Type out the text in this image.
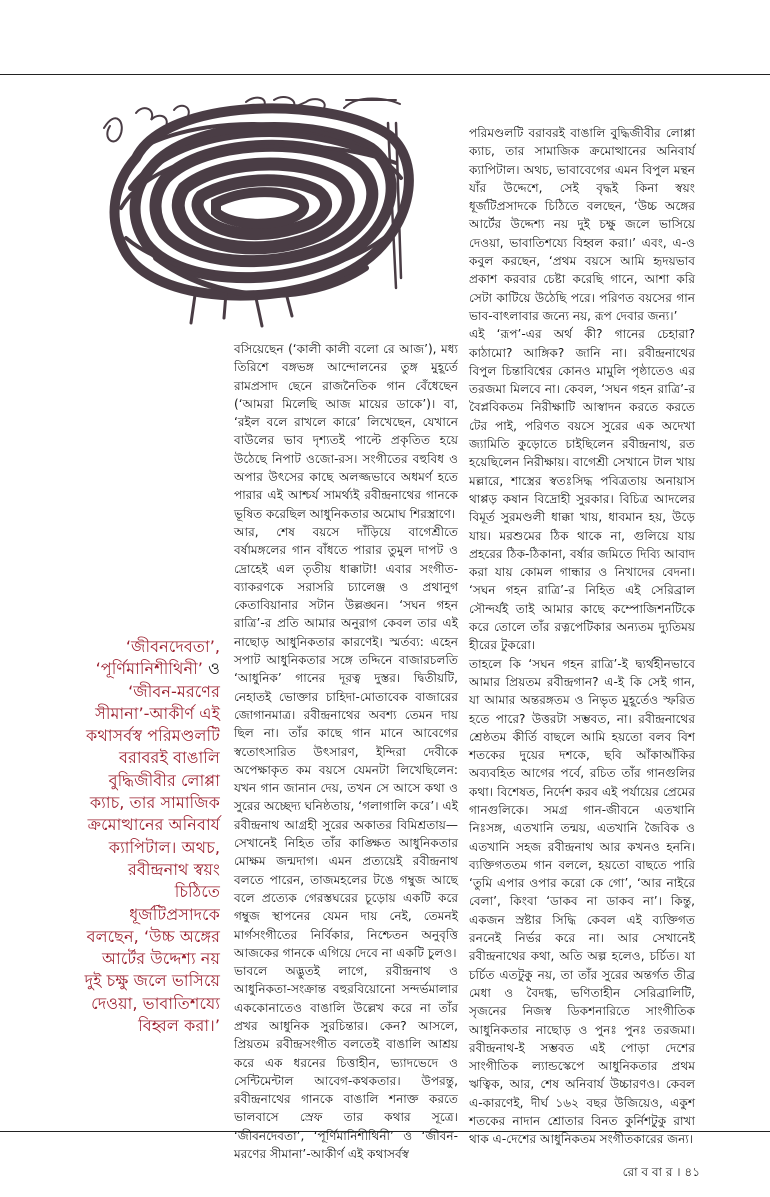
বসিয়েছেন (‘কালী কালী বলো রে আজ’), মধ্য তিরিশে বঙ্গভঙ্গ আন্দোলনের তুঙ্গ মুহূর্তে রামপ্রসাদ ছেনে রাজনৈতিক গান বেঁধেছেন (‘আমরা মিলেছি আজ মায়ের ডাকে’)। বা, ‘রইল বলে রাখলে কারে’ লিখেছেন, যেখানে বাউলের ভাব দৃশ্যতই পাল্টে প্রকৃতিত হয়ে উঠেছে নিপাট ওজো-রস। সংগীতের বহুবিধ ও অপার উৎসের কাছে অলজ্জভাবে অধমর্ণ হতে পারার এই আশ্চর্য সামর্থ্যই রবীন্দ্রনাথের গানকে ভূষিত করেছিল আধুনিকতার অমোঘ শিরস্ত্রাণে।
আর, শেষ বয়সে দাঁড়িয়ে বাগেশ্রীতে বর্ষামঙ্গলের গান বাঁধতে পারার তুমুল দাপট ও দ্রোহেই এল তৃতীয় ধাক্কাটা! এবার সংগীত-ব্যাকরণকে সরাসরি চ্যালেঞ্জ ও প্রথানুগ কেতাবিয়ানার সটান উল্লঙ্ঘন। ‘সঘন গহন রাত্রি’-র প্রতি আমার অনুরাগ কেবল তার এই নাছোড় আধুনিকতার কারণেই। স্মর্তব্য: এহেন সপাট আধুনিকতার সঙ্গে তদ্দিনে বাজারচলতি ‘আধুনিক’ গানের দূরত্ব দুস্তর। দ্বিতীয়টি, নেহাতই ভোক্তার চাহিদা-মোতাবেক বাজারের জোগানমাত্র। রবীন্দ্রনাথের অবশ্য তেমন দায় ছিল না। তাঁর কাছে গান মানে আবেগের স্বতোৎসারিত উৎসারণ, ইন্দিরা দেবীকে অপেক্ষাকৃত কম বয়সে যেমনটা লিখেছিলেন: যখন গান জানান দেয়, তখন সে আসে কথা ও সুরের অচ্ছেদ্য ঘনিষ্ঠতায়, ‘গলাগালি করে’। এই রবীন্দ্রনাথ আগ্রহী সুরের অকাতর বিমিশ্রতায়—সেখানেই নিহিত তাঁর কাঙ্ক্ষিত আধুনিকতার মোক্ষম জন্মদাগ। এমন প্রত্যয়েই রবীন্দ্রনাথ বলতে পারেন, তাজমহলের টঙে গম্বুজ আছে বলে প্রত্যেক গেরস্তঘরের চূড়োয় একটি করে গম্বুজ স্থাপনের যেমন দায় নেই, তেমনই মার্গসংগীতের নির্বিকার, নিশ্চেতন অনুবৃত্তি আজকের গানকে এগিয়ে দেবে না একটি চুলও।
ভাবলে অদ্ভুতই লাগে, রবীন্দ্রনাথ ও আধুনিকতা-সংক্রান্ত বহুরবিয়োনো সন্দর্ভমালার এককোনাতেও বাঙালি উল্লেখ করে না তাঁর প্রখর আধুনিক সুরচিন্তার। কেন? আসলে, প্রিয়তম রবীন্দ্রসংগীত বলতেই বাঙালি আশ্রয় করে এক ধরনের চিত্তাহীন, ভ্যাদভেদে ও সেন্টিমেন্টাল আবেগ-কথকতার। উপরন্তু, রবীন্দ্রনাথের গানকে বাঙালি শনাক্ত করতে ভালবাসে স্রেফ তার কথার সূত্রে। ‘জীবনদেবতা’, ‘পূর্ণিমানিশীথিনী’ ও ‘জীবন-মরণের সীমানা’-আকীর্ণ এই কথাসর্বস্ব
পরিমণ্ডলটি বরাবরই বাঙালি বুদ্ধিজীবীর লোপ্পা ক্যাচ, তার সামাজিক ক্রমোত্থানের অনিবার্য ক্যাপিটাল। অথচ, ভাবাবেগের এমন বিপুল মন্থন যাঁর উদ্দেশে, সেই বৃদ্ধই কিনা স্বয়ং ধূর্জটিপ্রসাদকে চিঠিতে বলছেন, ‘উচ্চ অঙ্গের আর্টের উদ্দেশ্য নয় দুই চক্ষু জলে ভাসিয়ে দেওয়া, ভাবাতিশয্যে বিহ্বল করা।’ এবং, এ-ও কবুল করছেন, ‘প্রথম বয়সে আমি হৃদয়ভাব প্রকাশ করবার চেষ্টা করেছি গানে, আশা করি সেটা কাটিয়ে উঠেছি পরে। পরিণত বয়সের গান ভাব-বাৎলাবার জন্যে নয়, রূপ দেবার জন্য।’
এই ‘রূপ’-এর অর্থ কী? গানের চেহারা? কাঠামো? আঙ্গিক? জানি না। রবীন্দ্রনাথের বিপুল চিন্তাবিশ্বের কোনও মামুলি পৃষ্ঠাতেও এর তরজমা মিলবে না। কেবল, ‘সঘন গহন রাত্রি’-র বৈপ্লবিকতম নিরীক্ষাটি আস্বাদন করতে করতে টের পাই, পরিণত বয়সে সুরের এক অদেখা জ্যামিতি কুড়োতে চাইছিলেন রবীন্দ্রনাথ, রত হয়েছিলেন নিরীক্ষায়। বাগেশ্রী সেখানে টাল খায় মল্লারে, শাস্ত্রের স্বতঃসিদ্ধ পবিত্রতায় অনায়াস থাপ্পড় কষান বিদ্রোহী সুরকার। বিচিত্র আদলের বিমূর্ত সুরমণ্ডলী ধাক্কা খায়, ধাবমান হয়, উড়ে যায়। মরশুমের ঠিক থাকে না, গুলিয়ে যায় প্রহরের ঠিক-ঠিকানা, বর্ষার জমিতে দিব্যি আবাদ করা যায় কোমল গান্ধার ও নিখাদের বেদনা। ‘সঘন গহন রাত্রি’-র নিহিত এই সেরিব্রাল সৌন্দর্যই তাই আমার কাছে কম্পোজিশনটিকে করে তোলে তাঁর রত্নপেটিকার অন্যতম দ্যুতিময় হীরের টুকরো।
তাহলে কি ‘সঘন গহন রাত্রি’-ই দ্ব্যর্থহীনভাবে আমার প্রিয়তম রবীন্দ্রগান? এ-ই কি সেই গান, যা আমার অন্তরঙ্গতম ও নিভৃত মুহূর্তেও স্ফরিত হতে পারে? উত্তরটা সম্ভবত, না। রবীন্দ্রনাথের শ্রেষ্ঠতম কীর্তি বাছলে আমি হয়তো বলব বিশ শতকের দুয়ের দশকে, ছবি আঁকাআঁকির অব্যবহিত আগের পর্বে, রচিত তাঁর গানগুলির কথা। বিশেষত, নির্দেশ করব এই পর্যায়ের প্রেমের গানগুলিকে। সমগ্র গান-জীবনে এতখানি নিঃসঙ্গ, এতখানি তন্ময়, এতখানি জৈবিক ও এতখানি সহজ রবীন্দ্রনাথ আর কখনও হননি। ব্যক্তিগততম গান বললে, হয়তো বাছতে পারি ‘তুমি এপার ওপার করো কে গো’, ‘আর নাইরে বেলা’, কিংবা ‘ডাকব না ডাকব না’। কিন্তু, একজন স্রষ্টার সিদ্ধি কেবল এই ব্যক্তিগত রননেই নির্ভর করে না। আর সেখানেই রবীন্দ্রনাথের কথা, অতি অল্প হলেও, চর্চিত। যা চর্চিত এতটুকু নয়, তা তাঁর সুরের অন্তর্গত তীব্র মেধা ও বৈদগ্ধ, ভণিতাহীন সেরিব্রালিটি, সৃজনের নিজস্ব ডিকশনারিতে সাংগীতিক আধুনিকতার নাছোড় ও পুনঃ পুনঃ তরজমা। রবীন্দ্রনাথ-ই সম্ভবত এই পোড়া দেশের সাংগীতিক ল্যান্ডস্কেপে আধুনিকতার প্রথম ঋত্বিক, আর, শেষ অনিবার্য উচ্চারণও। কেবল এ-কারণেই, দীর্ঘ ১৬২ বছর উজিয়েও, একুশ শতকের নাদান শ্রোতার বিনত কুর্নিশটুকু রাখা থাক এ-দেশের আধুনিকতম সংগীতকারের জন্য।
‘জীবনদেবতা’, ‘পূর্ণিমানিশীথিনী’ ও ‘জীবন-মরণের সীমানা’-আকীর্ণ এই কথাসর্বস্ব পরিমণ্ডলটি বরাবরই বাঙালি বুদ্ধিজীবীর লোপ্পা ক্যাচ, তার সামাজিক ক্রমোত্থানের অনিবার্য ক্যাপিটাল। অথচ, রবীন্দ্রনাথ স্বয়ং চিঠিতে ধূর্জটিপ্রসাদকে বলছেন, ‘উচ্চ অঙ্গের আর্টের উদ্দেশ্য নয় দুই চক্ষু জলে ভাসিয়ে দেওয়া, ভাবাতিশয্যে বিহ্বল করা।’
রো ব বা র । ৪১
